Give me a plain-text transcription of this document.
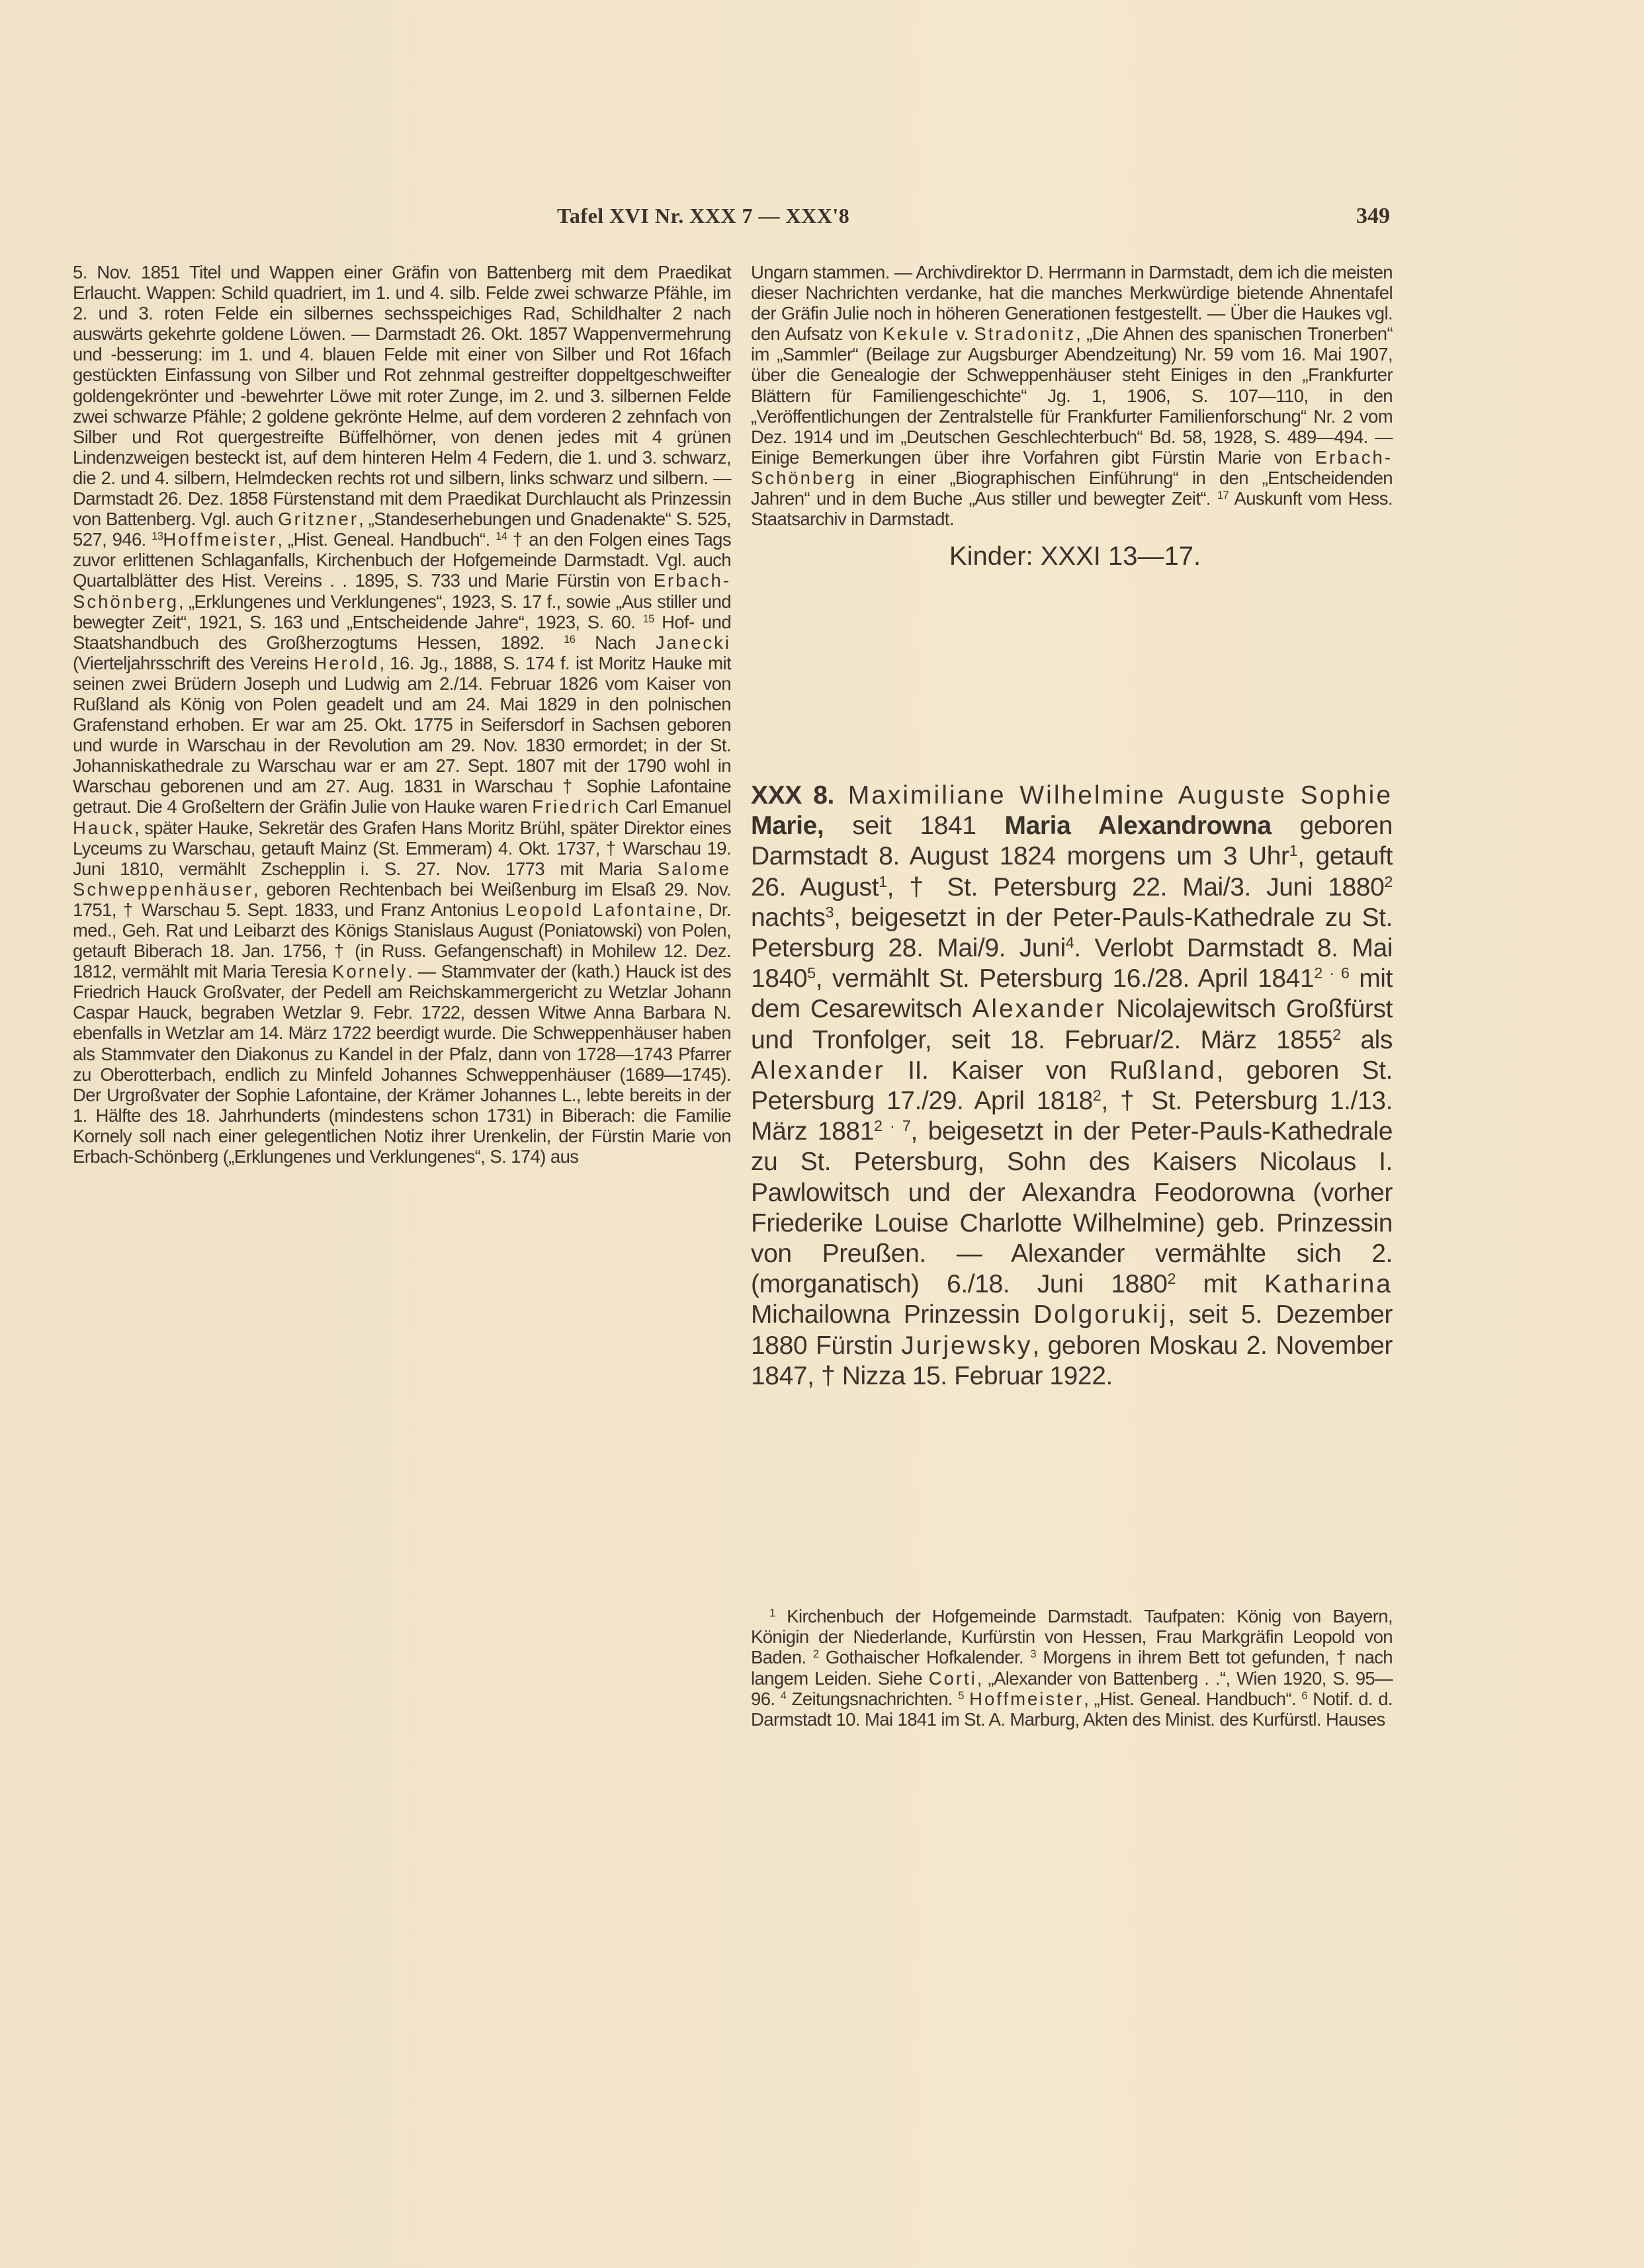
Tafel XVI Nr. XXX 7 — XXX'8	349

5. Nov. 1851 Titel und Wappen einer Gräfin von Battenberg mit dem Praedikat Erlaucht. Wappen: Schild quadriert, im 1. und 4. silb. Felde zwei schwarze Pfähle, im 2. und 3. roten Felde ein silbernes sechsspeichiges Rad, Schildhalter 2 nach auswärts gekehrte goldene Löwen. — Darmstadt 26. Okt. 1857 Wappenvermehrung und -besserung: im 1. und 4. blauen Felde mit einer von Silber und Rot 16fach gestückten Einfassung von Silber und Rot zehnmal gestreifter doppeltgeschweifter goldengekrönter und -bewehrter Löwe mit roter Zunge, im 2. und 3. silbernen Felde zwei schwarze Pfähle; 2 goldene gekrönte Helme, auf dem vorderen 2 zehnfach von Silber und Rot quergestreifte Büffelhörner, von denen jedes mit 4 grünen Lindenzweigen besteckt ist, auf dem hinteren Helm 4 Federn, die 1. und 3. schwarz, die 2. und 4. silbern, Helmdecken rechts rot und silbern, links schwarz und silbern. — Darmstadt 26. Dez. 1858 Fürstenstand mit dem Praedikat Durchlaucht als Prinzessin von Battenberg. Vgl. auch Gritzner, „Standeserhebungen und Gnadenakte“ S. 525, 527, 946. $^{13}$Hoffmeister, „Hist. Geneal. Handbuch“. $^{14}$ † an den Folgen eines Tags zuvor erlittenen Schlaganfalls, Kirchenbuch der Hofgemeinde Darmstadt. Vgl. auch Quartalblätter des Hist. Vereins . . 1895, S. 733 und Marie Fürstin von Erbach-Schönberg, „Erklungenes und Verklungenes“, 1923, S. 17 f., sowie „Aus stiller und bewegter Zeit“, 1921, S. 163 und „Entscheidende Jahre“, 1923, S. 60. $^{15}$ Hof- und Staatshandbuch des Großherzogtums Hessen, 1892. $^{16}$ Nach Janecki (Vierteljahrsschrift des Vereins Herold, 16. Jg., 1888, S. 174 f. ist Moritz Hauke mit seinen zwei Brüdern Joseph und Ludwig am 2./14. Februar 1826 vom Kaiser von Rußland als König von Polen geadelt und am 24. Mai 1829 in den polnischen Grafenstand erhoben. Er war am 25. Okt. 1775 in Seifersdorf in Sachsen geboren und wurde in Warschau in der Revolution am 29. Nov. 1830 ermordet; in der St. Johanniskathedrale zu Warschau war er am 27. Sept. 1807 mit der 1790 wohl in Warschau geborenen und am 27. Aug. 1831 in Warschau † Sophie Lafontaine getraut. Die 4 Großeltern der Gräfin Julie von Hauke waren Friedrich Carl Emanuel Hauck, später Hauke, Sekretär des Grafen Hans Moritz Brühl, später Direktor eines Lyceums zu Warschau, getauft Mainz (St. Emmeram) 4. Okt. 1737, † Warschau 19. Juni 1810, vermählt Zschepplin i. S. 27. Nov. 1773 mit Maria Salome Schweppenhäuser, geboren Rechtenbach bei Weißenburg im Elsaß 29. Nov. 1751, † Warschau 5. Sept. 1833, und Franz Antonius Leopold Lafontaine, Dr. med., Geh. Rat und Leibarzt des Königs Stanislaus August (Poniatowski) von Polen, getauft Biberach 18. Jan. 1756, † (in Russ. Gefangenschaft) in Mohilew 12. Dez. 1812, vermählt mit Maria Teresia Kornely. — Stammvater der (kath.) Hauck ist des Friedrich Hauck Großvater, der Pedell am Reichskammergericht zu Wetzlar Johann Caspar Hauck, begraben Wetzlar 9. Febr. 1722, dessen Witwe Anna Barbara N. ebenfalls in Wetzlar am 14. März 1722 beerdigt wurde. Die Schweppenhäuser haben als Stammvater den Diakonus zu Kandel in der Pfalz, dann von 1728—1743 Pfarrer zu Oberotterbach, endlich zu Minfeld Johannes Schweppenhäuser (1689—1745). Der Urgroßvater der Sophie Lafontaine, der Krämer Johannes L., lebte bereits in der 1. Hälfte des 18. Jahrhunderts (mindestens schon 1731) in Biberach: die Familie Kornely soll nach einer gelegentlichen Notiz ihrer Urenkelin, der Fürstin Marie von Erbach-Schönberg („Erklungenes und Verklungenes“, S. 174) aus

Ungarn stammen. — Archivdirektor D. Herrmann in Darmstadt, dem ich die meisten dieser Nachrichten verdanke, hat die manches Merkwürdige bietende Ahnentafel der Gräfin Julie noch in höheren Generationen festgestellt. — Über die Haukes vgl. den Aufsatz von Kekule v. Stradonitz, „Die Ahnen des spanischen Tronerben“ im „Sammler“ (Beilage zur Augsburger Abendzeitung) Nr. 59 vom 16. Mai 1907, über die Genealogie der Schweppenhäuser steht Einiges in den „Frankfurter Blättern für Familiengeschichte“ Jg. 1, 1906, S. 107—110, in den „Veröffentlichungen der Zentralstelle für Frankfurter Familienforschung“ Nr. 2 vom Dez. 1914 und im „Deutschen Geschlechterbuch“ Bd. 58, 1928, S. 489—494. — Einige Bemerkungen über ihre Vorfahren gibt Fürstin Marie von Erbach-Schönberg in einer „Biographischen Einführung“ in den „Entscheidenden Jahren“ und in dem Buche „Aus stiller und bewegter Zeit“. $^{17}$ Auskunft vom Hess. Staatsarchiv in Darmstadt.

Kinder: XXXI 13—17.
XXX 8. Maximiliane Wilhelmine Auguste Sophie Marie, seit 1841 Maria Alexandrowna geboren Darmstadt 8. August 1824 morgens um 3 Uhr$^1$, getauft 26. August$^1$, † St. Petersburg 22. Mai/3. Juni 1880$^2$ nachts$^3$, beigesetzt in der Peter-Pauls-Kathedrale zu St. Petersburg 28. Mai/9. Juni$^4$. Verlobt Darmstadt 8. Mai 1840$^5$, vermählt St. Petersburg 16./28. April $1841^{2 \cdot 6}$ mit dem Cesarewitsch Alexander Nicolajewitsch Großfürst und Tronfolger, seit 18. Februar/2. März 1855$^2$ als Alexander II. Kaiser von Rußland, geboren St. Petersburg 17./29. April 1818$^2$, † St. Petersburg 1./13. März $1881^{2 \cdot 7}$, beigesetzt in der Peter-Pauls-Kathedrale zu St. Petersburg, Sohn des Kaisers Nicolaus I. Pawlowitsch und der Alexandra Feodorowna (vorher Friederike Louise Charlotte Wilhelmine) geb. Prinzessin von Preußen. — Alexander vermählte sich 2. (morganatisch) 6./18. Juni 1880$^2$ mit Katharina Michailowna Prinzessin Dolgorukij, seit 5. Dezember 1880 Fürstin Jurjewsky, geboren Moskau 2. November 1847, † Nizza 15. Februar 1922.

$^1$ Kirchenbuch der Hofgemeinde Darmstadt. Taufpaten: König von Bayern, Königin der Niederlande, Kurfürstin von Hessen, Frau Markgräfin Leopold von Baden. $^2$ Gothaischer Hofkalender. $^3$ Morgens in ihrem Bett tot gefunden, † nach langem Leiden. Siehe Corti, „Alexander von Battenberg . .“, Wien 1920, S. 95—96. $^4$ Zeitungsnachrichten. $^5$ Hoffmeister, „Hist. Geneal. Handbuch“. $^6$ Notif. d. d. Darmstadt 10. Mai 1841 im St. A. Marburg, Akten des Minist. des Kurfürstl. Hauses
